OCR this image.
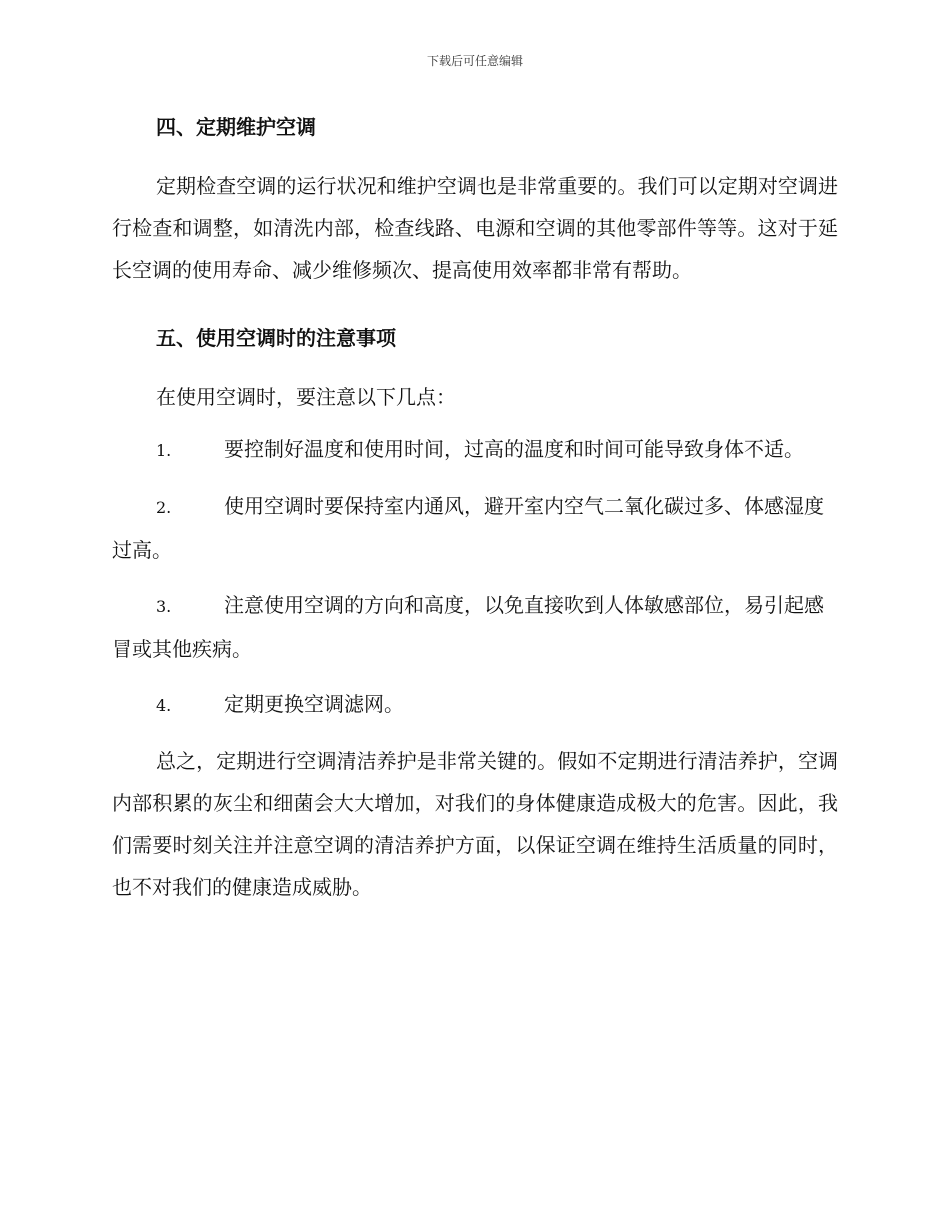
下载后可任意编辑
四、定期维护空调

定期检查空调的运行状况和维护空调也是非常重要的。我们可以定期对空调进行检查和调整，如清洗内部，检查线路、电源和空调的其他零部件等等。这对于延长空调的使用寿命、减少维修频次、提高使用效率都非常有帮助。

五、使用空调时的注意事项

在使用空调时，要注意以下几点：

1.	要控制好温度和使用时间，过高的温度和时间可能导致身体不适。

2.	使用空调时要保持室内通风，避开室内空气二氧化碳过多、体感湿度过高。

3.	注意使用空调的方向和高度，以免直接吹到人体敏感部位，易引起感冒或其他疾病。

4.	定期更换空调滤网。

总之，定期进行空调清洁养护是非常关键的。假如不定期进行清洁养护，空调内部积累的灰尘和细菌会大大增加，对我们的身体健康造成极大的危害。因此，我们需要时刻关注并注意空调的清洁养护方面，以保证空调在维持生活质量的同时，也不对我们的健康造成威胁。
